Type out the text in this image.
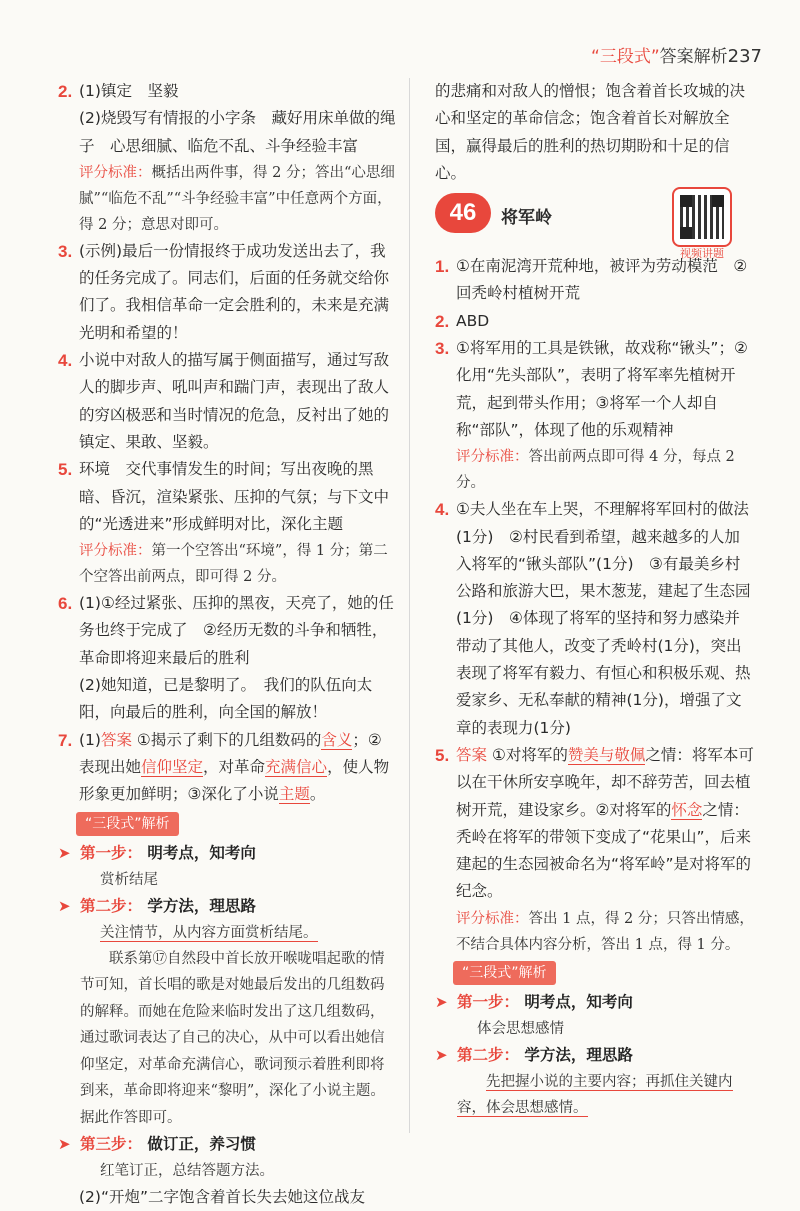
“三段式”答案解析237
2. (1)镇定　坚毅
(2)烧毁写有情报的小字条　藏好用床单做的绳子　心思细腻、临危不乱、斗争经验丰富
评分标准：概括出两件事，得 2 分；答出“心思细腻”“临危不乱”“斗争经验丰富”中任意两个方面，得 2 分；意思对即可。
3. (示例)最后一份情报终于成功发送出去了，我的任务完成了。同志们，后面的任务就交给你们了。我相信革命一定会胜利的，未来是充满光明和希望的！
4. 小说中对敌人的描写属于侧面描写，通过写敌人的脚步声、吼叫声和踹门声，表现出了敌人的穷凶极恶和当时情况的危急，反衬出了她的镇定、果敢、坚毅。
5. 环境　交代事情发生的时间；写出夜晚的黑暗、昏沉，渲染紧张、压抑的气氛；与下文中的“光透进来”形成鲜明对比，深化主题
评分标准：第一个空答出“环境”，得 1 分；第二个空答出前两点，即可得 2 分。
6. (1)①经过紧张、压抑的黑夜，天亮了，她的任务也终于完成了　②经历无数的斗争和牺牲，革命即将迎来最后的胜利
(2)她知道，已是黎明了。　我们的队伍向太阳，向最后的胜利，向全国的解放！
7. (1)答案 ①揭示了剩下的几组数码的含义；②表现出她信仰坚定，对革命充满信心，使人物形象更加鲜明；③深化了小说主题。
“三段式”解析
➤ 第一步： 明考点，知考向
赏析结尾
➤ 第二步： 学方法，理思路
关注情节，从内容方面赏析结尾。
联系第⑰自然段中首长放开喉咙唱起歌的情节可知，首长唱的歌是对她最后发出的几组数码的解释。而她在危险来临时发出了这几组数码，通过歌词表达了自己的决心，从中可以看出她信仰坚定，对革命充满信心，歌词预示着胜利即将到来，革命即将迎来“黎明”，深化了小说主题。据此作答即可。
➤ 第三步： 做订正，养习惯
红笔订正，总结答题方法。
(2)“开炮”二字饱含着首长失去她这位战友
的悲痛和对敌人的憎恨；饱含着首长攻城的决心和坚定的革命信念；饱含着首长对解放全国，赢得最后的胜利的热切期盼和十足的信心。
46	将军岭
视频讲题
1. ①在南泥湾开荒种地，被评为劳动模范　②回秃岭村植树开荒
2. ABD
3. ①将军用的工具是铁锹，故戏称“锹头”；②化用“先头部队”，表明了将军率先植树开荒，起到带头作用；③将军一个人却自称“部队”，体现了他的乐观精神
评分标准：答出前两点即可得 4 分，每点 2 分。
4. ①夫人坐在车上哭，不理解将军回村的做法(1分)　②村民看到希望，越来越多的人加入将军的“锹头部队”(1分)　③有最美乡村公路和旅游大巴，果木葱茏，建起了生态园(1分)　④体现了将军的坚持和努力感染并带动了其他人，改变了秃岭村(1分)，突出表现了将军有毅力、有恒心和积极乐观、热爱家乡、无私奉献的精神(1分)，增强了文章的表现力(1分)
5. 答案 ①对将军的赞美与敬佩之情：将军本可以在干休所安享晚年，却不辞劳苦，回去植树开荒，建设家乡。②对将军的怀念之情：秃岭在将军的带领下变成了“花果山”，后来建起的生态园被命名为“将军岭”是对将军的纪念。
评分标准：答出 1 点，得 2 分；只答出情感，不结合具体内容分析，答出 1 点，得 1 分。
“三段式”解析
➤ 第一步： 明考点，知考向
体会思想感情
➤ 第二步： 学方法，理思路
先把握小说的主要内容；再抓住关键内容，体会思想感情。
